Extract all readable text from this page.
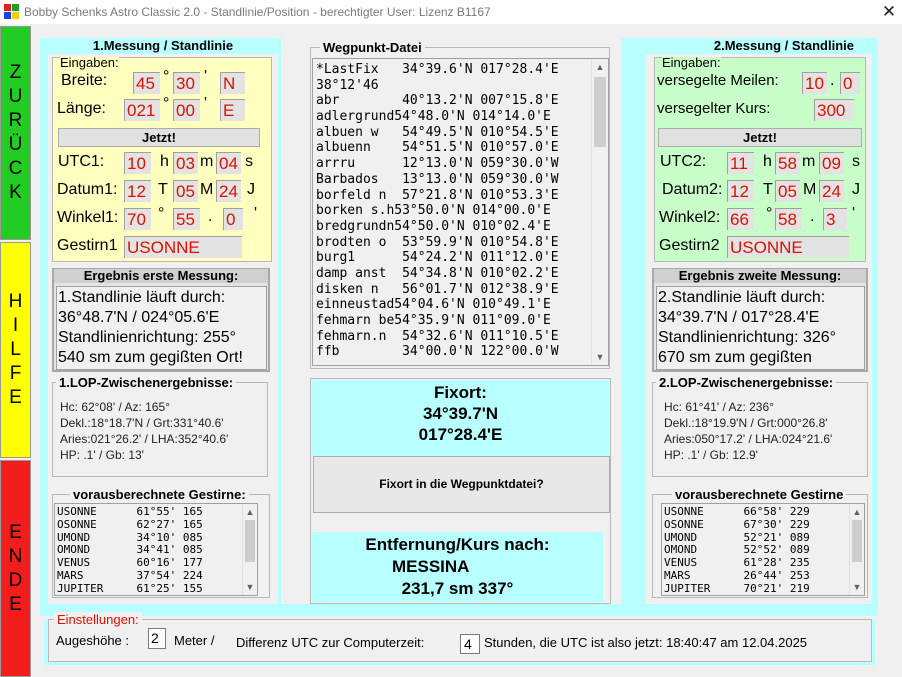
Bobby Schenks Astro Classic 2.0 - Standlinie/Position - berechtigter User: Lizenz B1167	✕
Z
U
R
Ü
C
K
H
I
L
F
E
E
N
D
E
1.Messung / Standlinie
Eingaben:
Breite: 45 ° 30 ' N
Länge: 021 ° 00 ' E
Jetzt!
UTC1: 10 h 03 m 04 s
Datum1: 12 T 05 M 24 J
Winkel1: 70 ° 55 . 0	'
Gestirn1 USONNE
Ergebnis erste Messung:
1.Standlinie läuft durch:
36°48.7'N / 024°05.6'E
Standlinienrichtung: 255°
540 sm zum gegißten Ort!
1.LOP-Zwischenergebnisse:
Hc: 62°08' / Az: 165°
Dekl.:18°18.7'N / Grt:331°40.6'
Aries:021°26.2' / LHA:352°40.6'
HP: .1' / Gb: 13'
vorausberechnete Gestirne:
USONNE      61°55' 165
OSONNE      62°27' 165
UMOND       34°10' 085
OMOND       34°41' 085
VENUS       60°16' 177
MARS        37°54' 224
JUPITER     61°25' 155
▲
▼
Wegpunkt-Datei
*LastFix   34°39.6'N 017°28.4'E
38°12'46
abr        40°13.2'N 007°15.8'E
adlergrund54°48.0'N 014°14.0'E
albuen w   54°49.5'N 010°54.5'E
albuenn    54°51.5'N 010°57.0'E
arrru      12°13.0'N 059°30.0'W
Barbados   13°13.0'N 059°30.0'W
borfeld n  57°21.8'N 010°53.3'E
borken s.h53°50.0'N 014°00.0'E
bredgrundn54°50.0'N 010°02.4'E
brodten o  53°59.9'N 010°54.8'E
burg1      54°24.2'N 011°12.0'E
damp anst  54°34.8'N 010°02.2'E
disken n   56°01.7'N 012°38.9'E
einneustad54°04.6'N 010°49.1'E
fehmarn be54°35.9'N 011°09.0'E
fehmarn.n  54°32.6'N 011°10.5'E
ffb        34°00.0'N 122°00.0'W
▲
▼
Fixort:
34°39.7'N
017°28.4'E
Fixort in die Wegpunktdatei?
Entfernung/Kurs nach:
MESSINA
231,7 sm 337°
2.Messung / Standlinie
Eingaben:
versegelte Meilen: 10 . 0
versegelter Kurs:	300
Jetzt!
UTC2: 11 h 58 m 09 s
Datum2: 12 T 05 M 24 J
Winkel2: 66	° 58 . 3	'
Gestirn2 USONNE
Ergebnis zweite Messung:
2.Standlinie läuft durch:
34°39.7'N / 017°28.4'E
Standlinienrichtung: 326°
670 sm zum gegißten
2.LOP-Zwischenergebnisse:
Hc: 61°41' / Az: 236°
Dekl.:18°19.9'N / Grt:000°26.8'
Aries:050°17.2' / LHA:024°21.6'
HP: .1' / Gb: 12.9'
vorausberechnete Gestirne
USONNE      66°58' 229
OSONNE      67°30' 229
UMOND       52°21' 089
OMOND       52°52' 089
VENUS       61°28' 235
MARS        26°44' 253
JUPITER     70°21' 219
▲
▼
Einstellungen:
Augeshöhe : 2	Meter / Differenz UTC zur Computerzeit:	4 Stunden, die UTC ist also jetzt: 18:40:47 am 12.04.2025
